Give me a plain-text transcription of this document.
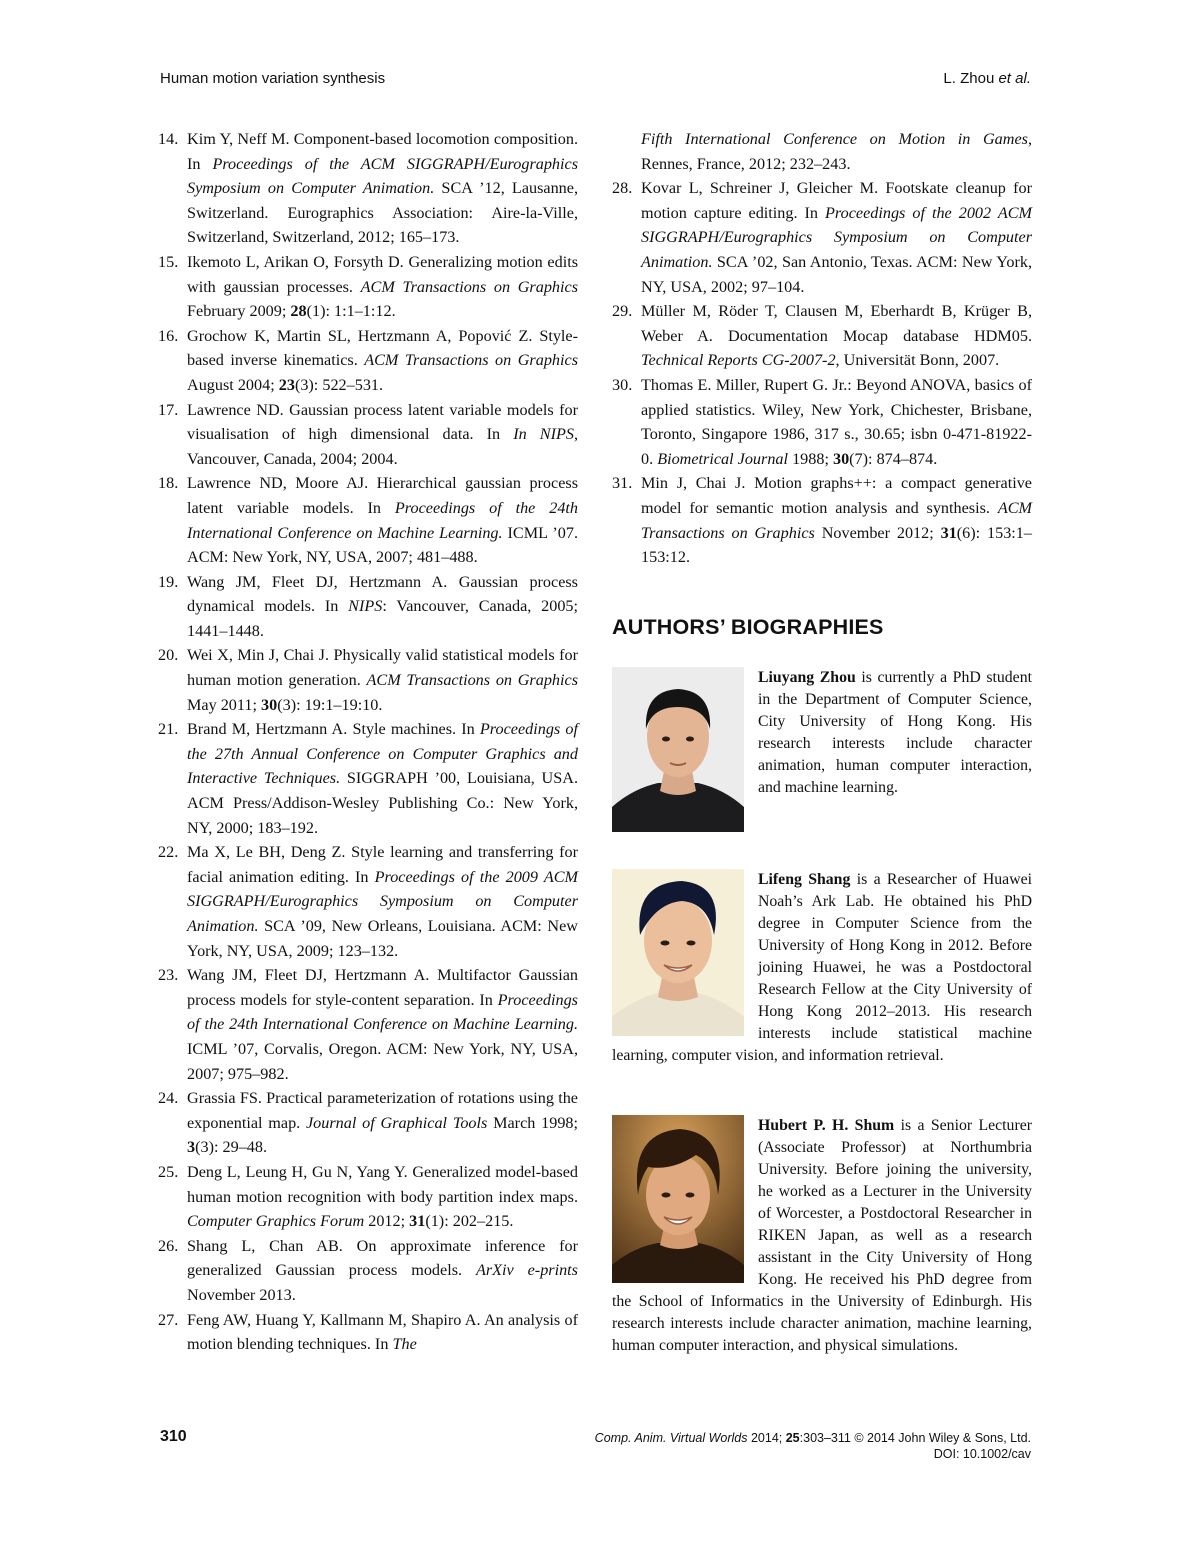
Human motion variation synthesis	L. Zhou et al.
14. Kim Y, Neff M. Component-based locomotion composition. In Proceedings of the ACM SIGGRAPH/Eurographics Symposium on Computer Animation. SCA ’12, Lausanne, Switzerland. Eurographics Association: Aire-la-Ville, Switzerland, Switzerland, 2012; 165–173.
15. Ikemoto L, Arikan O, Forsyth D. Generalizing motion edits with gaussian processes. ACM Transactions on Graphics February 2009; 28(1): 1:1–1:12.
16. Grochow K, Martin SL, Hertzmann A, Popović Z. Style-based inverse kinematics. ACM Transactions on Graphics August 2004; 23(3): 522–531.
17. Lawrence ND. Gaussian process latent variable models for visualisation of high dimensional data. In In NIPS, Vancouver, Canada, 2004; 2004.
18. Lawrence ND, Moore AJ. Hierarchical gaussian process latent variable models. In Proceedings of the 24th International Conference on Machine Learning. ICML ’07. ACM: New York, NY, USA, 2007; 481–488.
19. Wang JM, Fleet DJ, Hertzmann A. Gaussian process dynamical models. In NIPS: Vancouver, Canada, 2005; 1441–1448.
20. Wei X, Min J, Chai J. Physically valid statistical models for human motion generation. ACM Transactions on Graphics May 2011; 30(3): 19:1–19:10.
21. Brand M, Hertzmann A. Style machines. In Proceedings of the 27th Annual Conference on Computer Graphics and Interactive Techniques. SIGGRAPH ’00, Louisiana, USA. ACM Press/Addison-Wesley Publishing Co.: New York, NY, 2000; 183–192.
22. Ma X, Le BH, Deng Z. Style learning and transferring for facial animation editing. In Proceedings of the 2009 ACM SIGGRAPH/Eurographics Symposium on Computer Animation. SCA ’09, New Orleans, Louisiana. ACM: New York, NY, USA, 2009; 123–132.
23. Wang JM, Fleet DJ, Hertzmann A. Multifactor Gaussian process models for style-content separation. In Proceedings of the 24th International Conference on Machine Learning. ICML ’07, Corvalis, Oregon. ACM: New York, NY, USA, 2007; 975–982.
24. Grassia FS. Practical parameterization of rotations using the exponential map. Journal of Graphical Tools March 1998; 3(3): 29–48.
25. Deng L, Leung H, Gu N, Yang Y. Generalized model-based human motion recognition with body partition index maps. Computer Graphics Forum 2012; 31(1): 202–215.
26. Shang L, Chan AB. On approximate inference for generalized Gaussian process models. ArXiv e-prints November 2013.
27. Feng AW, Huang Y, Kallmann M, Shapiro A. An analysis of motion blending techniques. In The
Fifth International Conference on Motion in Games, Rennes, France, 2012; 232–243.
28. Kovar L, Schreiner J, Gleicher M. Footskate cleanup for motion capture editing. In Proceedings of the 2002 ACM SIGGRAPH/Eurographics Symposium on Computer Animation. SCA ’02, San Antonio, Texas. ACM: New York, NY, USA, 2002; 97–104.
29. Müller M, Röder T, Clausen M, Eberhardt B, Krüger B, Weber A. Documentation Mocap database HDM05. Technical Reports CG-2007-2, Universität Bonn, 2007.
30. Thomas E. Miller, Rupert G. Jr.: Beyond ANOVA, basics of applied statistics. Wiley, New York, Chichester, Brisbane, Toronto, Singapore 1986, 317 s., 30.65; isbn 0-471-81922-0. Biometrical Journal 1988; 30(7): 874–874.
31. Min J, Chai J. Motion graphs++: a compact generative model for semantic motion analysis and synthesis. ACM Transactions on Graphics November 2012; 31(6): 153:1–153:12.
AUTHORS’ BIOGRAPHIES
Liuyang Zhou is currently a PhD student in the Department of Computer Science, City University of Hong Kong. His research interests include character animation, human computer interaction, and machine learning.
Lifeng Shang is a Researcher of Huawei Noah’s Ark Lab. He obtained his PhD degree in Computer Science from the University of Hong Kong in 2012. Before joining Huawei, he was a Postdoctoral Research Fellow at the City University of Hong Kong 2012–2013. His research interests include statistical machine learning, computer vision, and information retrieval.
Hubert P. H. Shum is a Senior Lecturer (Associate Professor) at Northumbria University. Before joining the university, he worked as a Lecturer in the University of Worcester, a Postdoctoral Researcher in RIKEN Japan, as well as a research assistant in the City University of Hong Kong. He received his PhD degree from the School of Informatics in the University of Edinburgh. His research interests include character animation, machine learning, human computer interaction, and physical simulations.
310	Comp. Anim. Virtual Worlds 2014; 25:303–311 © 2014 John Wiley & Sons, Ltd.
DOI: 10.1002/cav
